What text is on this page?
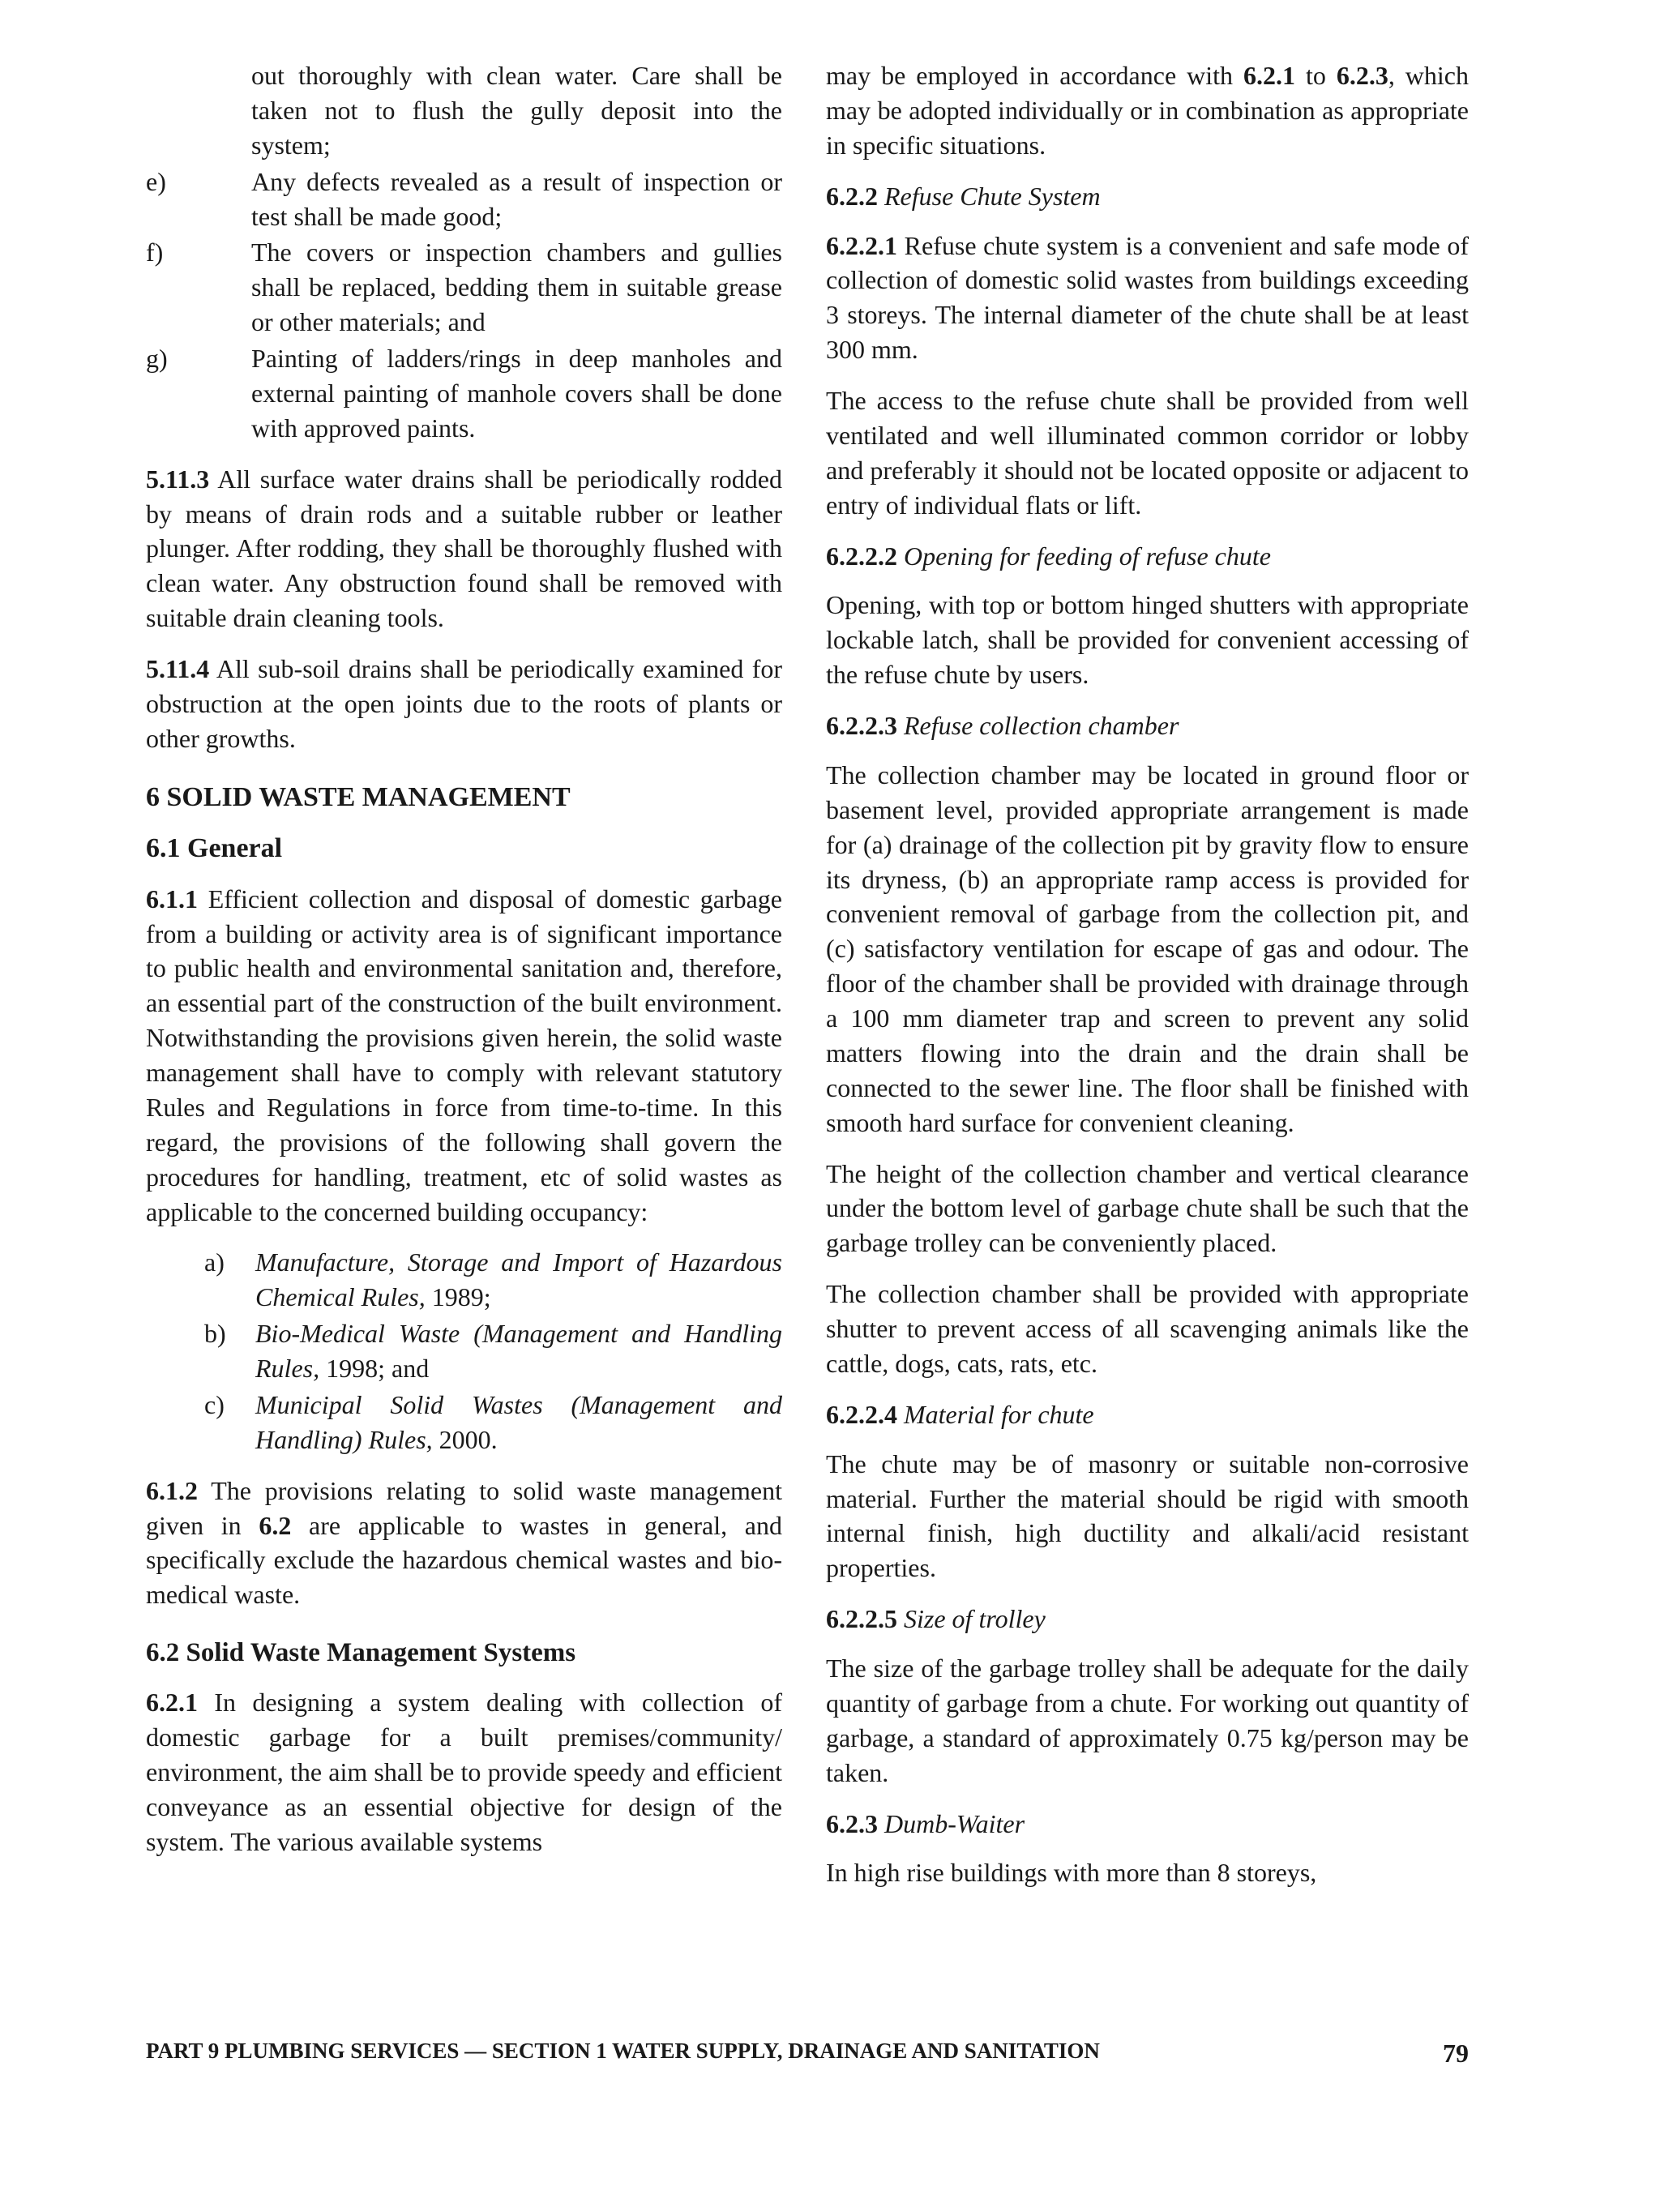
out thoroughly with clean water. Care shall be taken not to flush the gully deposit into the system;
e)	Any defects revealed as a result of inspection or test shall be made good;
f)	The covers or inspection chambers and gullies shall be replaced, bedding them in suitable grease or other materials; and
g)	Painting of ladders/rings in deep manholes and external painting of manhole covers shall be done with approved paints.

5.11.3 All surface water drains shall be periodically rodded by means of drain rods and a suitable rubber or leather plunger. After rodding, they shall be thoroughly flushed with clean water. Any obstruction found shall be removed with suitable drain cleaning tools.

5.11.4 All sub-soil drains shall be periodically examined for obstruction at the open joints due to the roots of plants or other growths.

6 SOLID WASTE MANAGEMENT
6.1 General

6.1.1 Efficient collection and disposal of domestic garbage from a building or activity area is of significant importance to public health and environmental sanitation and, therefore, an essential part of the construction of the built environment. Notwithstanding the provisions given herein, the solid waste management shall have to comply with relevant statutory Rules and Regulations in force from time-to-time. In this regard, the provisions of the following shall govern the procedures for handling, treatment, etc of solid wastes as applicable to the concerned building occupancy:

a)	Manufacture, Storage and Import of Hazardous Chemical Rules, 1989;
b)	Bio-Medical Waste (Management and Handling Rules, 1998; and
c)	Municipal Solid Wastes (Management and Handling) Rules, 2000.

6.1.2 The provisions relating to solid waste management given in 6.2 are applicable to wastes in general, and specifically exclude the hazardous chemical wastes and bio-medical waste.

6.2 Solid Waste Management Systems

6.2.1 In designing a system dealing with collection of domestic garbage for a built premises/community/ environment, the aim shall be to provide speedy and efficient conveyance as an essential objective for design of the system. The various available systems

may be employed in accordance with 6.2.1 to 6.2.3, which may be adopted individually or in combination as appropriate in specific situations.

6.2.2 Refuse Chute System

6.2.2.1 Refuse chute system is a convenient and safe mode of collection of domestic solid wastes from buildings exceeding 3 storeys. The internal diameter of the chute shall be at least 300 mm.

The access to the refuse chute shall be provided from well ventilated and well illuminated common corridor or lobby and preferably it should not be located opposite or adjacent to entry of individual flats or lift.

6.2.2.2 Opening for feeding of refuse chute

Opening, with top or bottom hinged shutters with appropriate lockable latch, shall be provided for convenient accessing of the refuse chute by users.

6.2.2.3 Refuse collection chamber

The collection chamber may be located in ground floor or basement level, provided appropriate arrangement is made for (a) drainage of the collection pit by gravity flow to ensure its dryness, (b) an appropriate ramp access is provided for convenient removal of garbage from the collection pit, and (c) satisfactory ventilation for escape of gas and odour. The floor of the chamber shall be provided with drainage through a 100 mm diameter trap and screen to prevent any solid matters flowing into the drain and the drain shall be connected to the sewer line. The floor shall be finished with smooth hard surface for convenient cleaning.

The height of the collection chamber and vertical clearance under the bottom level of garbage chute shall be such that the garbage trolley can be conveniently placed.

The collection chamber shall be provided with appropriate shutter to prevent access of all scavenging animals like the cattle, dogs, cats, rats, etc.

6.2.2.4 Material for chute

The chute may be of masonry or suitable non-corrosive material. Further the material should be rigid with smooth internal finish, high ductility and alkali/acid resistant properties.

6.2.2.5 Size of trolley

The size of the garbage trolley shall be adequate for the daily quantity of garbage from a chute. For working out quantity of garbage, a standard of approximately 0.75 kg/person may be taken.

6.2.3 Dumb-Waiter

In high rise buildings with more than 8 storeys,

PART 9 PLUMBING SERVICES — SECTION 1 WATER SUPPLY, DRAINAGE AND SANITATION	79
